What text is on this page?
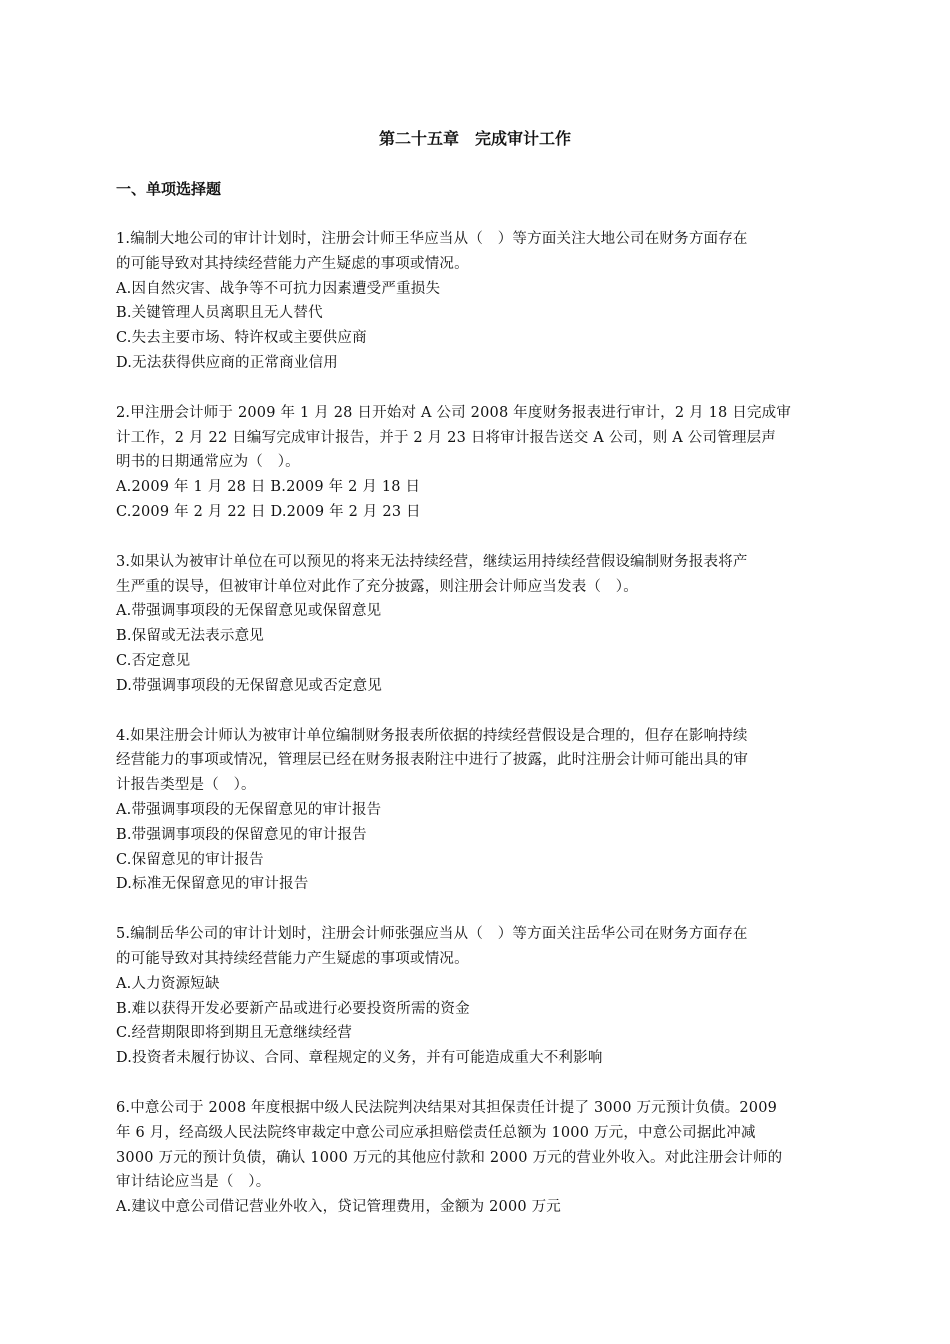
第二十五章　完成审计工作
一、单项选择题
1.编制大地公司的审计计划时，注册会计师王华应当从（　）等方面关注大地公司在财务方面存在
的可能导致对其持续经营能力产生疑虑的事项或情况。
A.因自然灾害、战争等不可抗力因素遭受严重损失
B.关键管理人员离职且无人替代
C.失去主要市场、特许权或主要供应商
D.无法获得供应商的正常商业信用
2.甲注册会计师于 2009 年 1 月 28 日开始对 A 公司 2008 年度财务报表进行审计，2 月 18 日完成审
计工作，2 月 22 日编写完成审计报告，并于 2 月 23 日将审计报告送交 A 公司，则 A 公司管理层声
明书的日期通常应为（　）。
A.2009 年 1 月 28 日 B.2009 年 2 月 18 日
C.2009 年 2 月 22 日 D.2009 年 2 月 23 日
3.如果认为被审计单位在可以预见的将来无法持续经营，继续运用持续经营假设编制财务报表将产
生严重的误导，但被审计单位对此作了充分披露，则注册会计师应当发表（　）。
A.带强调事项段的无保留意见或保留意见
B.保留或无法表示意见
C.否定意见
D.带强调事项段的无保留意见或否定意见
4.如果注册会计师认为被审计单位编制财务报表所依据的持续经营假设是合理的，但存在影响持续
经营能力的事项或情况，管理层已经在财务报表附注中进行了披露，此时注册会计师可能出具的审
计报告类型是（　）。
A.带强调事项段的无保留意见的审计报告
B.带强调事项段的保留意见的审计报告
C.保留意见的审计报告
D.标准无保留意见的审计报告
5.编制岳华公司的审计计划时，注册会计师张强应当从（　）等方面关注岳华公司在财务方面存在
的可能导致对其持续经营能力产生疑虑的事项或情况。
A.人力资源短缺
B.难以获得开发必要新产品或进行必要投资所需的资金
C.经营期限即将到期且无意继续经营
D.投资者未履行协议、合同、章程规定的义务，并有可能造成重大不利影响
6.中意公司于 2008 年度根据中级人民法院判决结果对其担保责任计提了 3000 万元预计负债。2009
年 6 月，经高级人民法院终审裁定中意公司应承担赔偿责任总额为 1000 万元，中意公司据此冲减
3000 万元的预计负债，确认 1000 万元的其他应付款和 2000 万元的营业外收入。对此注册会计师的
审计结论应当是（　）。
A.建议中意公司借记营业外收入，贷记管理费用，金额为 2000 万元
